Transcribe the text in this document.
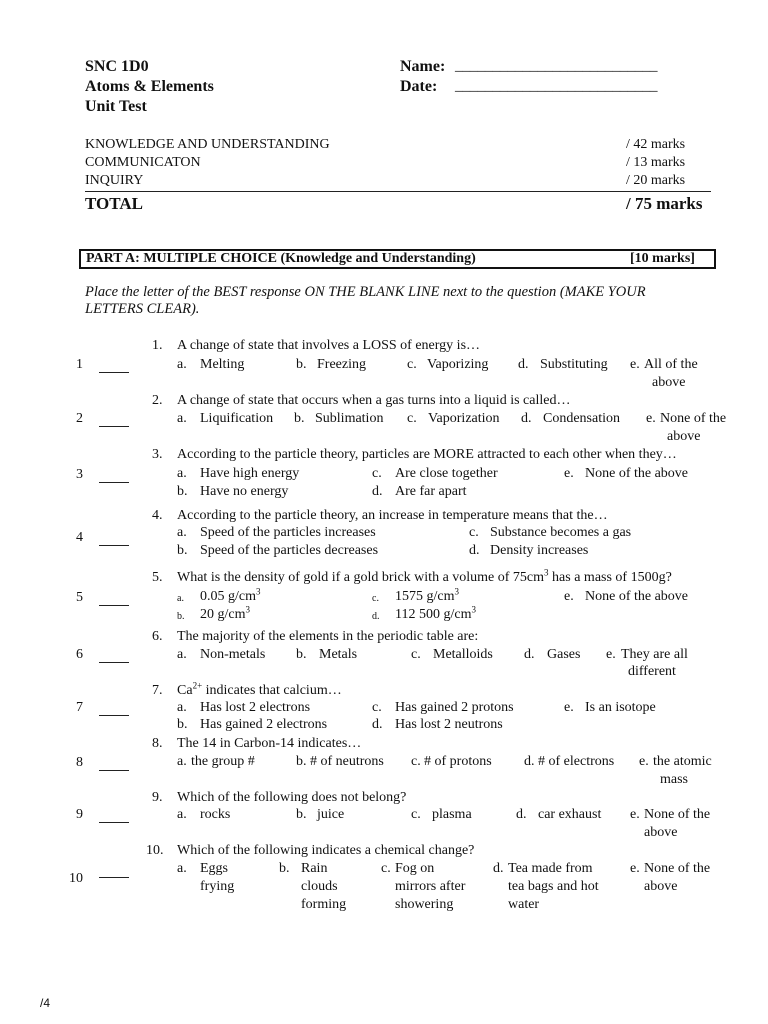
SNC 1D0
Atoms & Elements
Unit Test
Name: ___________________________
Date: ___________________________
KNOWLEDGE AND UNDERSTANDING	/ 42 marks
COMMUNICATON	/ 13 marks
INQUIRY	/ 20 marks
TOTAL	/ 75 marks
PART A: MULTIPLE CHOICE (Knowledge and Understanding)	[10 marks]
Place the letter of the BEST response ON THE BLANK LINE next to the question (MAKE YOUR
LETTERS CLEAR).
1
2
3
4
5
6
7
8
9
10
1. A change of state that involves a LOSS of energy is…
a. Melting	b. Freezing	c. Vaporizing d. Substituting e. All of the
above
2. A change of state that occurs when a gas turns into a liquid is called…
a. Liquification b. Sublimation c. Vaporization d. Condensation e. None of the
above
3. According to the particle theory, particles are MORE attracted to each other when they…
a. Have high energy	c. Are close together	e. None of the above
b. Have no energy	d. Are far apart
4. According to the particle theory, an increase in temperature means that the…
a. Speed of the particles increases	c. Substance becomes a gas
b. Speed of the particles decreases	d. Density increases
5. What is the density of gold if a gold brick with a volume of $75cm^3$ has a mass of 1500g?
a. 0.05 $g/cm^3$
c. 1575 $g/cm^3$	e. None of the above
b. 20 $g/cm^3$
d. 112 500 $g/cm^3$
6. The majority of the elements in the periodic table are:
a. Non-metals b. Metals	c. Metalloids d. Gases e. They are all
different
7. $Ca^{2+}$ indicates that calcium…
a. Has lost 2 electrons	c. Has gained 2 protons	e. Is an isotope
b. Has gained 2 electrons	d. Has lost 2 neutrons
8. The 14 in Carbon-14 indicates…
a. the group #	b. # of neutrons c. # of protons d. # of electrons e. the atomic
mass
9. Which of the following does not belong?
a. rocks	b. juice	c. plasma	d. car exhaust e. None of the
above
10. Which of the following indicates a chemical change?
a. Eggs
frying
b. Rain
clouds
forming
c. Fog on
mirrors after
showering
d. Tea made from
tea bags and hot
water
e. None of the
above
/4
